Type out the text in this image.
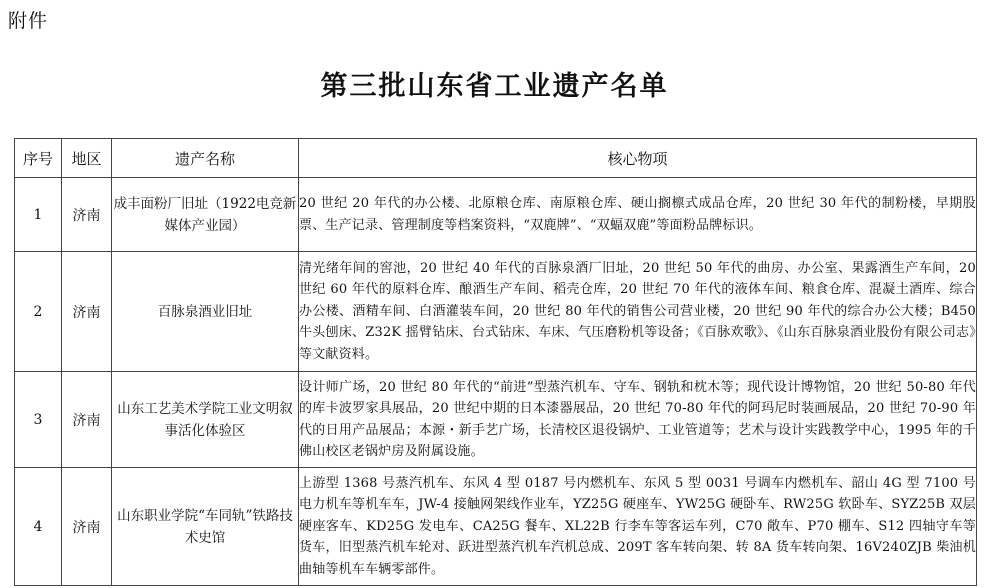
附件
第三批山东省工业遗产名单
序号	地区	遗产名称	核心物项
1	济南	成丰面粉厂旧址（1922电竞新媒体产业园）	20 世纪 20 年代的办公楼、北原粮仓库、南原粮仓库、硬山搁檩式成品仓库，20 世纪 30 年代的制粉楼，早期股票、生产记录、管理制度等档案资料，“双鹿牌”、“双蝠双鹿”等面粉品牌标识。
2	济南	百脉泉酒业旧址	清光绪年间的窖池，20 世纪 40 年代的百脉泉酒厂旧址，20 世纪 50 年代的曲房、办公室、果露酒生产车间，20 世纪 60 年代的原料仓库、酿酒生产车间、稻壳仓库，20 世纪 70 年代的液体车间、粮食仓库、混凝土酒库、综合办公楼、酒精车间、白酒灌装车间，20 世纪 80 年代的销售公司营业楼，20 世纪 90 年代的综合办公大楼；B450 牛头刨床、Z32K 摇臂钻床、台式钻床、车床、气压磨粉机等设备；《百脉欢歌》、《山东百脉泉酒业股份有限公司志》等文献资料。
3	济南	山东工艺美术学院工业文明叙事活化体验区	设计师广场，20 世纪 80 年代的“前进”型蒸汽机车、守车、钢轨和枕木等；现代设计博物馆，20 世纪 50-80 年代的库卡波罗家具展品，20 世纪中期的日本漆器展品，20 世纪 70-80 年代的阿玛尼时装画展品，20 世纪 70-90 年代的日用产品展品；本源・新手艺广场，长清校区退役锅炉、工业管道等；艺术与设计实践教学中心，1995 年的千佛山校区老锅炉房及附属设施。
4	济南	山东职业学院“车同轨”铁路技术史馆	上游型 1368 号蒸汽机车、东风 4 型 0187 号内燃机车、东风 5 型 0031 号调车内燃机车、韶山 4G 型 7100 号电力机车等机车车，JW-4 接触网架线作业车，YZ25G 硬座车、YW25G 硬卧车、RW25G 软卧车、SYZ25B 双层硬座客车、KD25G 发电车、CA25G 餐车、XL22B 行李车等客运车列，C70 敞车、P70 棚车、S12 四轴守车等货车，旧型蒸汽机车轮对、跃进型蒸汽机车汽机总成、209T 客车转向架、转 8A 货车转向架、16V240ZJB 柴油机曲轴等机车车辆零部件。
